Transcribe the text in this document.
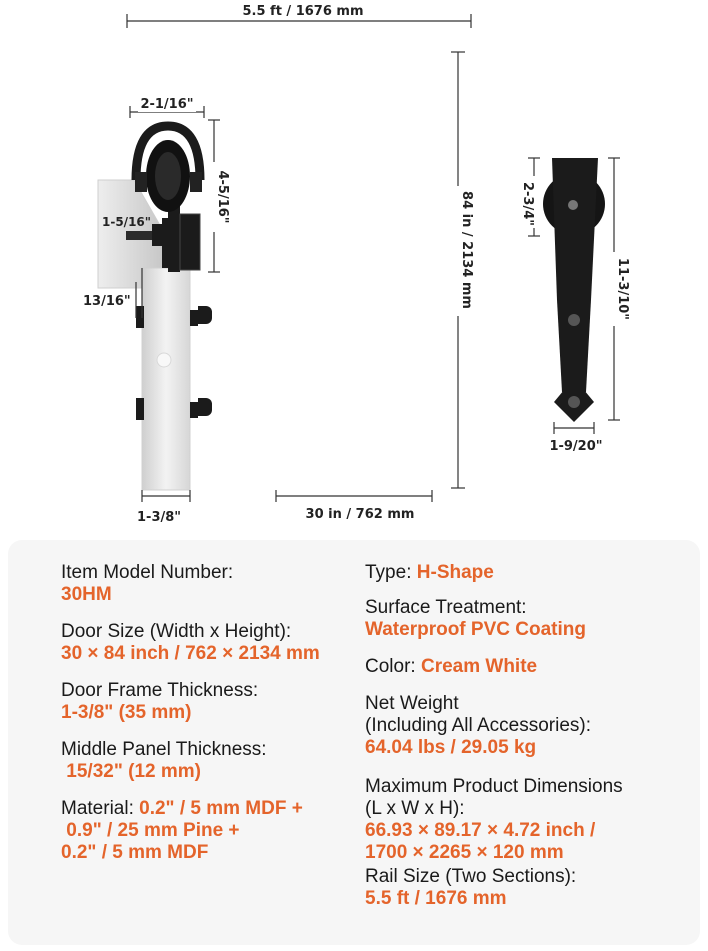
5.5 ft / 1676 mm
2-1/16"
4-5/16"
1-5/16"
13/16"
1-3/8"
84 in / 2134 mm
30 in / 762 mm
2-3/4"
11-3/10"
1-9/20"
Item Model Number:
30HM
Door Size (Width x Height):
30 × 84 inch / 762 × 2134 mm
Door Frame Thickness:
1-3/8" (35 mm)
Middle Panel Thickness:
15/32" (12 mm)
Material: 0.2" / 5 mm MDF +
0.9" / 25 mm Pine +
0.2" / 5 mm MDF
Type: H-Shape
Surface Treatment:
Waterproof PVC Coating
Color: Cream White
Net Weight
(Including All Accessories):
64.04 lbs / 29.05 kg
Maximum Product Dimensions
(L x W x H):
66.93 × 89.17 × 4.72 inch /
1700 × 2265 × 120 mm
Rail Size (Two Sections):
5.5 ft / 1676 mm
